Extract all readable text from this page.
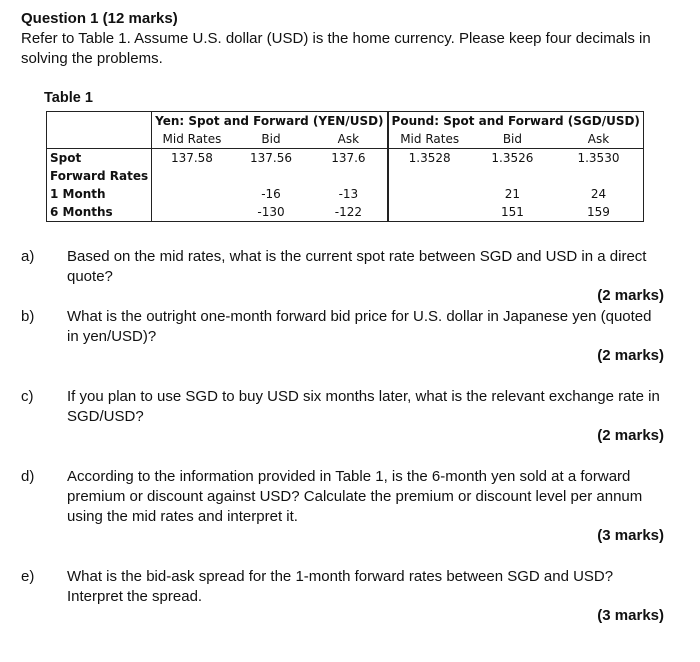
Question 1 (12 marks)
Refer to Table 1. Assume U.S. dollar (USD) is the home currency. Please keep four decimals in solving the problems.
Table 1
	Yen: Spot and Forward (YEN/USD)			Pound: Spot and Forward (SGD/USD)		
	Mid Rates	Bid	Ask	Mid Rates	Bid	Ask
Spot	137.58	137.56	137.6	1.3528	1.3526	1.3530
Forward Rates						
1 Month		-16	-13		21	24
6 Months		-130	-122		151	159
a)	Based on the mid rates, what is the current spot rate between SGD and USD in a direct quote?
(2 marks)
b)	What is the outright one-month forward bid price for U.S. dollar in Japanese yen (quoted in yen/USD)?
(2 marks)
c)	If you plan to use SGD to buy USD six months later, what is the relevant exchange rate in SGD/USD?
(2 marks)
d)	According to the information provided in Table 1, is the 6-month yen sold at a forward premium or discount against USD? Calculate the premium or discount level per annum using the mid rates and interpret it.
(3 marks)
e)	What is the bid-ask spread for the 1-month forward rates between SGD and USD? Interpret the spread.
(3 marks)
